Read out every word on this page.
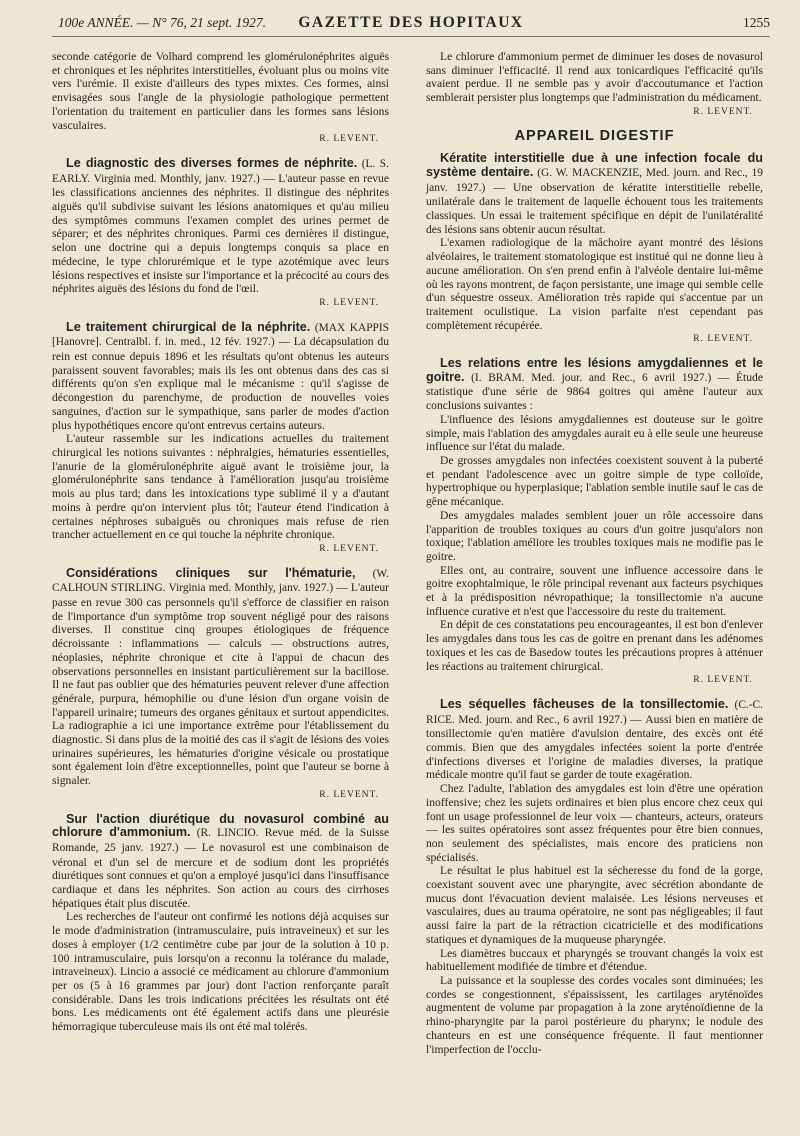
100e ANNÉE. — N° 76, 21 sept. 1927.	GAZETTE DES HOPITAUX	1255

seconde catégorie de Volhard comprend les glomérulonéphrites aiguës et chroniques et les néphrites interstitielles, évoluant plus ou moins vite vers l'urémie. Il existe d'ailleurs des types mixtes. Ces formes, ainsi envisagées sous l'angle de la physiologie pathologique permettent l'orientation du traitement en particulier dans les formes sans lésions vasculaires.

R. LEVENT.

Le diagnostic des diverses formes de néphrite. (L. S. EARLY. Virginia med. Monthly, janv. 1927.) — L'auteur passe en revue les classifications anciennes des néphrites. Il distingue des néphrites aiguës qu'il subdivise suivant les lésions anatomiques et qu'au milieu des symptômes communs l'examen complet des urines permet de séparer; et des néphrites chroniques. Parmi ces dernières il distingue, selon une doctrine qui a depuis longtemps conquis sa place en médecine, le type chlorurémique et le type azotémique avec leurs lésions respectives et insiste sur l'importance et la précocité au cours des néphrites aiguës des lésions du fond de l'œil.

R. LEVENT.

Le traitement chirurgical de la néphrite. (MAX KAPPIS [Hanovre]. Centralbl. f. in. med., 12 fév. 1927.) — La décapsulation du rein est connue depuis 1896 et les résultats qu'ont obtenus les auteurs paraissent souvent favorables; mais ils les ont obtenus dans des cas si différents qu'on s'en explique mal le mécanisme : qu'il s'agisse de décongestion du parenchyme, de production de nouvelles voies sanguines, d'action sur le sympathique, sans parler de modes d'action plus hypothétiques encore qu'ont entrevus certains auteurs.

L'auteur rassemble sur les indications actuelles du traitement chirurgical les notions suivantes : néphralgies, hématuries essentielles, l'anurie de la glomérulonéphrite aiguë avant le troisième jour, la glomérulonéphrite sans tendance à l'amélioration jusqu'au troisième mois au plus tard; dans les intoxications type sublimé il y a d'autant moins à perdre qu'on intervient plus tôt; l'auteur étend l'indication à certaines néphroses subaiguës ou chroniques mais refuse de rien trancher actuellement en ce qui touche la néphrite chronique.

R. LEVENT.

Considérations cliniques sur l'hématurie, (W. CALHOUN STIRLING. Virginia med. Monthly, janv. 1927.) — L'auteur passe en revue 300 cas personnels qu'il s'efforce de classifier en raison de l'importance d'un symptôme trop souvent négligé pour des raisons diverses. Il constitue cinq groupes étiologiques de fréquence décroissante : inflammations — calculs — obstructions autres, néoplasies, néphrite chronique et cite à l'appui de chacun des observations personnelles en insistant particulièrement sur la bacillose. Il ne faut pas oublier que des hématuries peuvent relever d'une affection générale, purpura, hémophilie ou d'une lésion d'un organe voisin de l'appareil urinaire; tumeurs des organes génitaux et surtout appendicites. La radiographie a ici une importance extrême pour l'établissement du diagnostic. Si dans plus de la moitié des cas il s'agit de lésions des voies urinaires supérieures, les hématuries d'origine vésicale ou prostatique sont également loin d'être exceptionnelles, point que l'auteur se borne à signaler.

R. LEVENT.

Sur l'action diurétique du novasurol combiné au chlorure d'ammonium. (R. LINCIO. Revue méd. de la Suisse Romande, 25 janv. 1927.) — Le novasurol est une combinaison de véronal et d'un sel de mercure et de sodium dont les propriétés diurétiques sont connues et qu'on a employé jusqu'ici dans l'insuffisance cardiaque et dans les néphrites. Son action au cours des cirrhoses hépatiques était plus discutée.

Les recherches de l'auteur ont confirmé les notions déjà acquises sur le mode d'administration (intramusculaire, puis intraveineux) et sur les doses à employer (1/2 centimètre cube par jour de la solution à 10 p. 100 intramusculaire, puis lorsqu'on a reconnu la tolérance du malade, intraveineux). Lincio a associé ce médicament au chlorure d'ammonium per os (5 à 16 grammes par jour) dont l'action renforçante paraît considérable. Dans les trois indications précitées les résultats ont été bons. Les médicaments ont été également actifs dans une pleurésie hémorragique tuberculeuse mais ils ont été mal tolérés.

Le chlorure d'ammonium permet de diminuer les doses de novasurol sans diminuer l'efficacité. Il rend aux tonicardiques l'efficacité qu'ils avaient perdue. Il ne semble pas y avoir d'accoutumance et l'action semblerait persister plus longtemps que l'administration du médicament.

R. LEVENT.
APPAREIL DIGESTIF

Kératite interstitielle due à une infection focale du système dentaire. (G. W. MACKENZIE, Med. journ. and Rec., 19 janv. 1927.) — Une observation de kératite interstitielle rebelle, unilatérale dans le traitement de laquelle échouent tous les traitements classiques. Un essai le traitement spécifique en dépit de l'unilatéralité des lésions sans obtenir aucun résultat.

L'examen radiologique de la mâchoire ayant montré des lésions alvéolaires, le traitement stomatologique est institué qui ne donne lieu à aucune amélioration. On s'en prend enfin à l'alvéole dentaire lui-même où les rayons montrent, de façon persistante, une image qui semble celle d'un séquestre osseux. Amélioration très rapide qui s'accentue par un traitement oculistique. La vision parfaite n'est cependant pas complètement récupérée.

R. LEVENT.

Les relations entre les lésions amygdaliennes et le goitre. (I. BRAM. Med. jour. and Rec., 6 avril 1927.) — Étude statistique d'une série de 9864 goitres qui amène l'auteur aux conclusions suivantes :

L'influence des lésions amygdaliennes est douteuse sur le goitre simple, mais l'ablation des amygdales aurait eu à elle seule une heureuse influence sur l'état du malade.

De grosses amygdales non infectées coexistent souvent à la puberté et pendant l'adolescence avec un goitre simple de type colloïde, hypertrophique ou hyperplasique; l'ablation semble inutile sauf le cas de gêne mécanique.

Des amygdales malades semblent jouer un rôle accessoire dans l'apparition de troubles toxiques au cours d'un goitre jusqu'alors non toxique; l'ablation améliore les troubles toxiques mais ne modifie pas le goitre.

Elles ont, au contraire, souvent une influence accessoire dans le goitre exophtalmique, le rôle principal revenant aux facteurs psychiques et à la prédisposition névropathique; la tonsillectomie n'a aucune influence curative et n'est que l'accessoire du reste du traitement.

En dépit de ces constatations peu encourageantes, il est bon d'enlever les amygdales dans tous les cas de goitre en prenant dans les adénomes toxiques et les cas de Basedow toutes les précautions propres à atténuer les réactions au traitement chirurgical.

R. LEVENT.

Les séquelles fâcheuses de la tonsillectomie. (C.-C. RICE. Med. journ. and Rec., 6 avril 1927.) — Aussi bien en matière de tonsillectomie qu'en matière d'avulsion dentaire, des excès ont été commis. Bien que des amygdales infectées soient la porte d'entrée d'infections diverses et l'origine de maladies diverses, la pratique médicale montre qu'il faut se garder de toute exagération.

Chez l'adulte, l'ablation des amygdales est loin d'être une opération inoffensive; chez les sujets ordinaires et bien plus encore chez ceux qui font un usage professionnel de leur voix — chanteurs, acteurs, orateurs — les suites opératoires sont assez fréquentes pour être bien connues, non seulement des spécialistes, mais encore des praticiens non spécialisés.

Le résultat le plus habituel est la sécheresse du fond de la gorge, coexistant souvent avec une pharyngite, avec sécrétion abondante de mucus dont l'évacuation devient malaisée. Les lésions nerveuses et vasculaires, dues au trauma opératoire, ne sont pas négligeables; il faut aussi faire la part de la rétraction cicatricielle et des modifications statiques et dynamiques de la muqueuse pharyngée.

Les diamètres buccaux et pharyngés se trouvant changés la voix est habituellement modifiée de timbre et d'étendue.

La puissance et la souplesse des cordes vocales sont diminuées; les cordes se congestionnent, s'épaississent, les cartilages aryténoïdes augmentent de volume par propagation à la zone aryténoïdienne de la rhino-pharyngite par la paroi postérieure du pharynx; le nodule des chanteurs en est une conséquence fréquente. Il faut mentionner l'imperfection de l'occlu-
